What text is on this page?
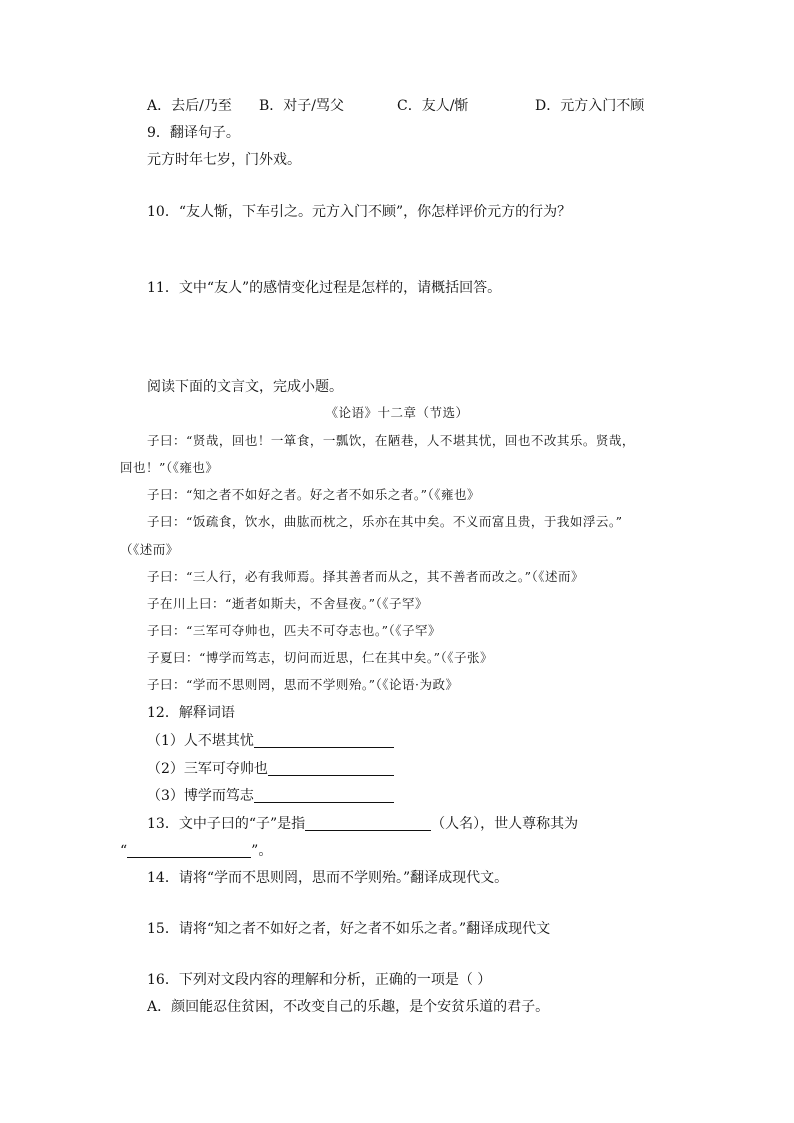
A．去后/乃至 B．对子/骂父	C．友人/惭	D．元方入门不顾
9．翻译句子。
元方时年七岁，门外戏。
10．“友人惭，下车引之。元方入门不顾”，你怎样评价元方的行为？
11．文中“友人”的感情变化过程是怎样的，请概括回答。
阅读下面的文言文，完成小题。
《论语》十二章（节选）
子曰：“贤哉，回也！一箪食，一瓢饮，在陋巷，人不堪其忧，回也不改其乐。贤哉，
回也！”（《雍也》
子曰：“知之者不如好之者。好之者不如乐之者。”（《雍也》
子曰：“饭疏食，饮水，曲肱而枕之，乐亦在其中矣。不义而富且贵，于我如浮云。”
（《述而》
子曰：“三人行，必有我师焉。择其善者而从之，其不善者而改之。”（《述而》
子在川上曰：“逝者如斯夫，不舍昼夜。”（《子罕》
子曰：“三军可夺帅也，匹夫不可夺志也。”（《子罕》
子夏曰：“博学而笃志，切问而近思，仁在其中矣。”（《子张》
子曰：“学而不思则罔，思而不学则殆。”（《论语·为政》
12．解释词语
（1）人不堪其忧
（2）三军可夺帅也
（3）博学而笃志
13．文中子曰的“子”是指	（人名），世人尊称其为
“	”。
14．请将“学而不思则罔，思而不学则殆。”翻译成现代文。
15．请将“知之者不如好之者，好之者不如乐之者。”翻译成现代文
16．下列对文段内容的理解和分析，正确的一项是（ ）
A．颜回能忍住贫困，不改变自己的乐趣，是个安贫乐道的君子。
